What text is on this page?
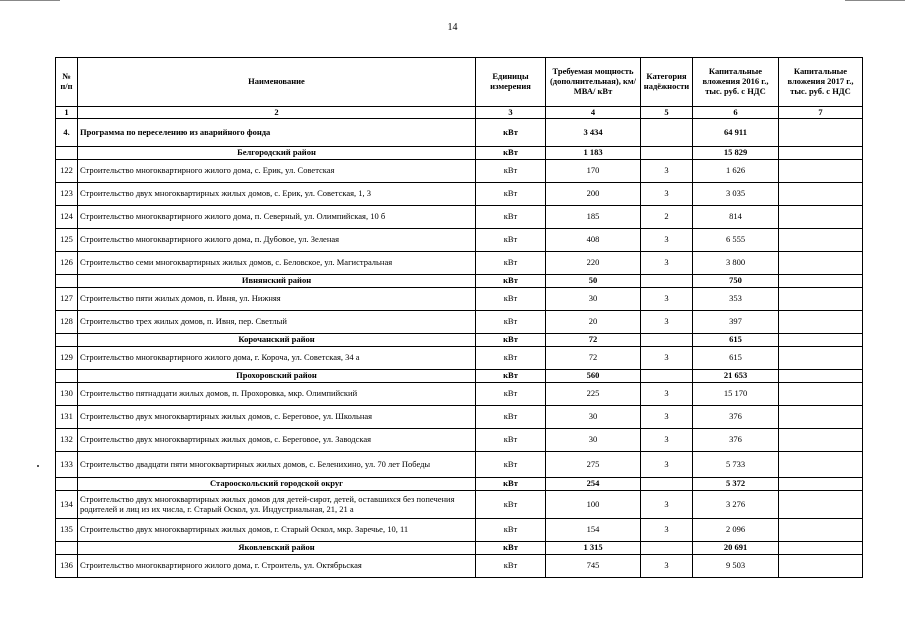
14
№ п/п	Наименование	Единицы измерения	Требуемая мощность (дополнительная), км/ МВА/ кВт	Категория надёжности	Капитальные вложения 2016 г., тыс. руб. с НДС	Капитальные вложения 2017 г., тыс. руб. с НДС
1	2	3	4	5	6	7
4.	Программа по переселению из аварийного фонда	кВт	3 434		64 911	
	Белгородский район	кВт	1 183		15 829	
122	Строительство многоквартирного жилого дома, с. Ерик, ул. Советская	кВт	170	3	1 626	
123	Строительство двух многоквартирных жилых домов, с. Ерик, ул. Советская, 1, 3	кВт	200	3	3 035	
124	Строительство многоквартирного жилого дома, п. Северный, ул. Олимпийская, 10 б	кВт	185	2	814	
125	Строительство многоквартирного жилого дома, п. Дубовое, ул. Зеленая	кВт	408	3	6 555	
126	Строительство семи многоквартирных жилых домов, с. Беловское, ул. Магистральная	кВт	220	3	3 800	
	Ивнянский район	кВт	50		750	
127	Строительство пяти жилых домов, п. Ивня, ул. Нижняя	кВт	30	3	353	
128	Строительство трех жилых домов, п. Ивня, пер. Светлый	кВт	20	3	397	
	Корочанский район	кВт	72		615	
129	Строительство многоквартирного жилого дома, г. Короча, ул. Советская, 34 а	кВт	72	3	615	
	Прохоровский район	кВт	560		21 653	
130	Строительство пятнадцати жилых домов, п. Прохоровка, мкр. Олимпийский	кВт	225	3	15 170	
131	Строительство двух многоквартирных жилых домов, с. Береговое, ул. Школьная	кВт	30	3	376	
132	Строительство двух многоквартирных жилых домов, с. Береговое, ул. Заводская	кВт	30	3	376	
133	Строительство двадцати пяти многоквартирных жилых домов, с. Беленихино, ул. 70 лет Победы	кВт	275	3	5 733	
	Старооскольский городской округ	кВт	254		5 372	
134	Строительство двух многоквартирных жилых домов для детей-сирот, детей, оставшихся без попечения родителей и лиц из их числа, г. Старый Оскол, ул. Индустриальная, 21, 21 а	кВт	100	3	3 276	
135	Строительство двух многоквартирных жилых домов, г. Старый Оскол, мкр. Заречье, 10, 11	кВт	154	3	2 096	
	Яковлевский район	кВт	1 315		20 691	
136	Строительство многоквартирного жилого дома, г. Строитель, ул. Октябрьская	кВт	745	3	9 503	
